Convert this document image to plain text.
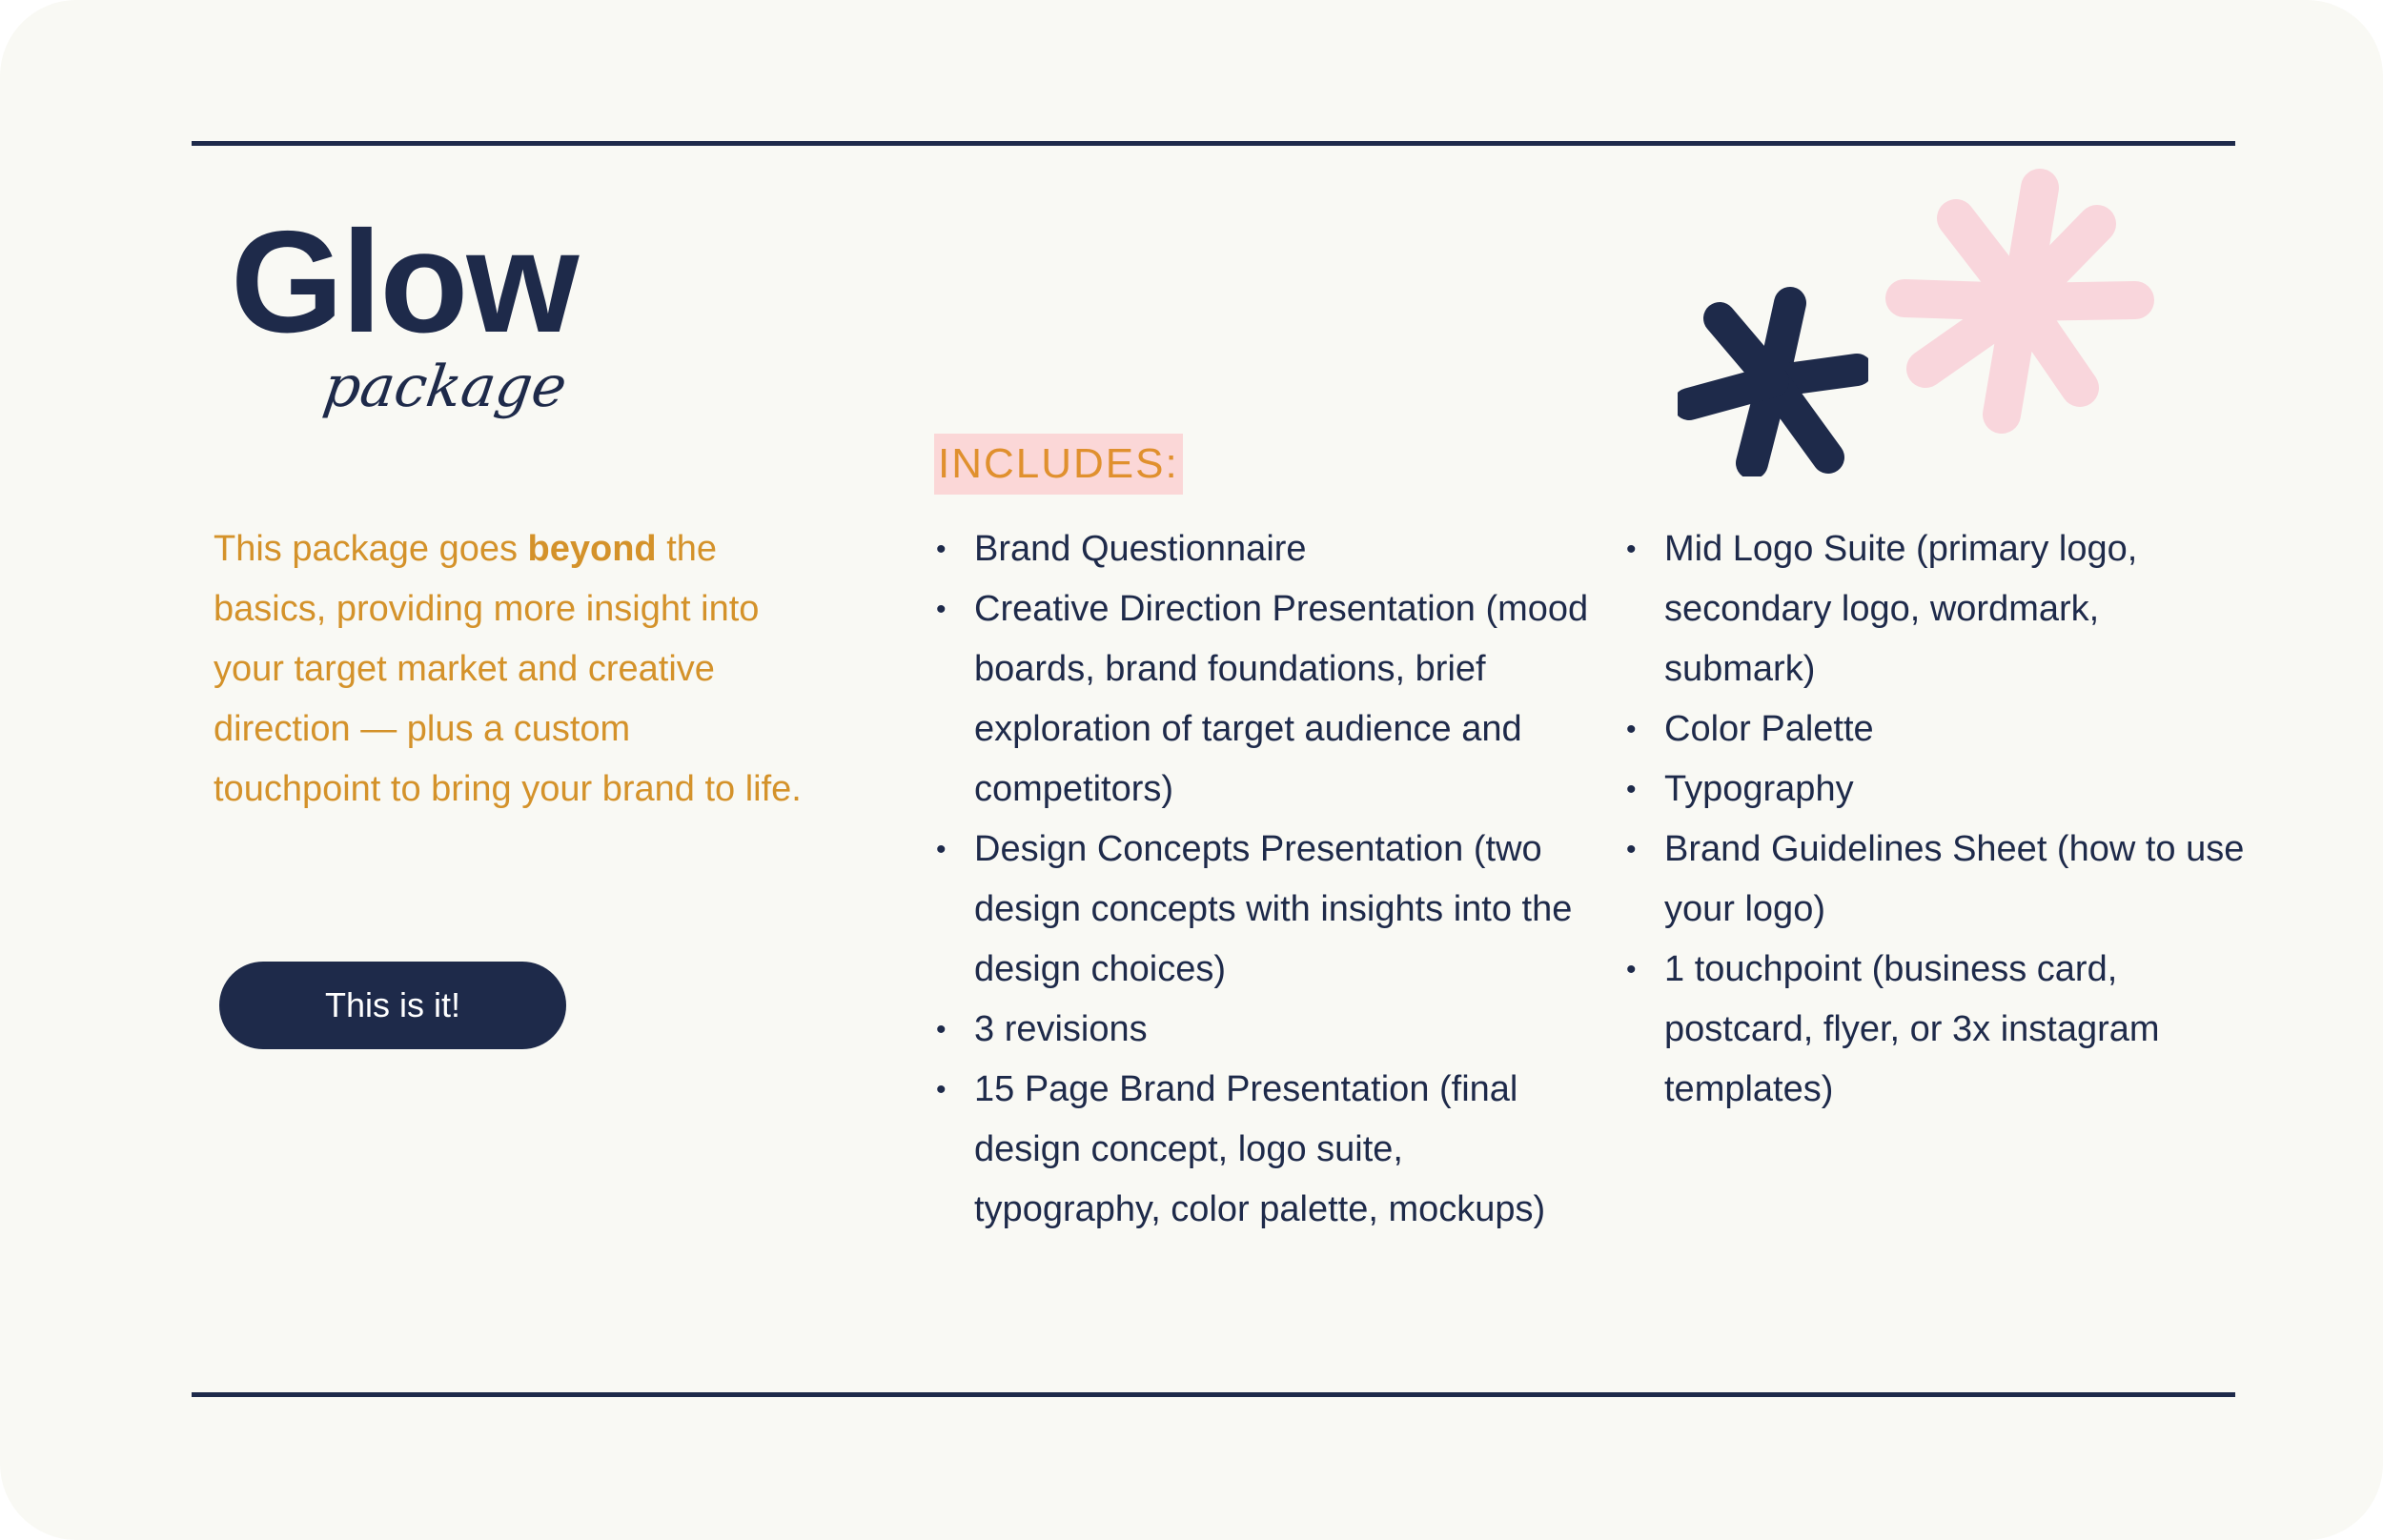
Glow
package

This package goes beyond the basics, providing more insight into your target market and creative direction — plus a custom touchpoint to bring your brand to life.

This is it!
INCLUDES:
• Brand Questionnaire
• Creative Direction Presentation (mood boards, brand foundations, brief exploration of target audience and competitors)
• Design Concepts Presentation (two design concepts with insights into the design choices)
• 3 revisions
• 15 Page Brand Presentation (final design concept, logo suite, typography, color palette, mockups)
• Mid Logo Suite (primary logo, secondary logo, wordmark, submark)
• Color Palette
• Typography
• Brand Guidelines Sheet (how to use your logo)
• 1 touchpoint (business card, postcard, flyer, or 3x instagram templates)
